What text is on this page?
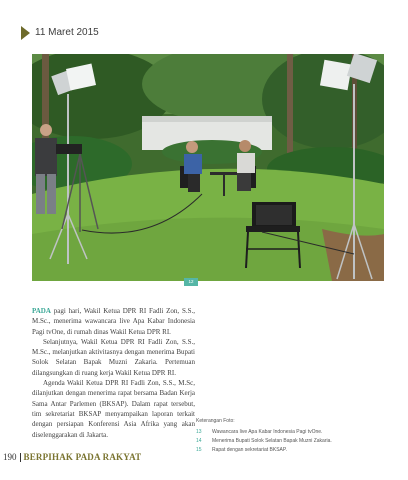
11 Maret 2015
12

PADA pagi hari, Wakil Ketua DPR RI Fadli Zon, S.S., M.Sc., menerima wawancara live Apa Kabar Indonesia Pagi tvOne, di rumah dinas Wakil Ketua DPR RI.

Selanjutnya, Wakil Ketua DPR RI Fadli Zon, S.S., M.Sc., melanjutkan aktivitasnya dengan menerima Bupati Solok Selatan Bapak Muzni Zakaria. Pertemuan dilangsungkan di ruang kerja Wakil Ketua DPR RI.

Agenda Wakil Ketua DPR RI Fadli Zon, S.S., M.Sc, dilanjutkan dengan menerima rapat bersama Badan Kerja Sama Antar Parlemen (BKSAP). Dalam rapat tersebut, tim sekretariat BKSAP menyampaikan laporan terkait dengan persiapan Konferensi Asia Afrika yang akan diselenggarakan di Jakarta.

Keterangan Foto:
13	Wawancara live Apa Kabar Indonesia Pagi tvOne.
14	Menerima Bupati Solok Selatan Bapak Muzni Zakaria.
15	Rapat dengan sekretariat BKSAP.
190 BERPIHAK PADA RAKYAT
